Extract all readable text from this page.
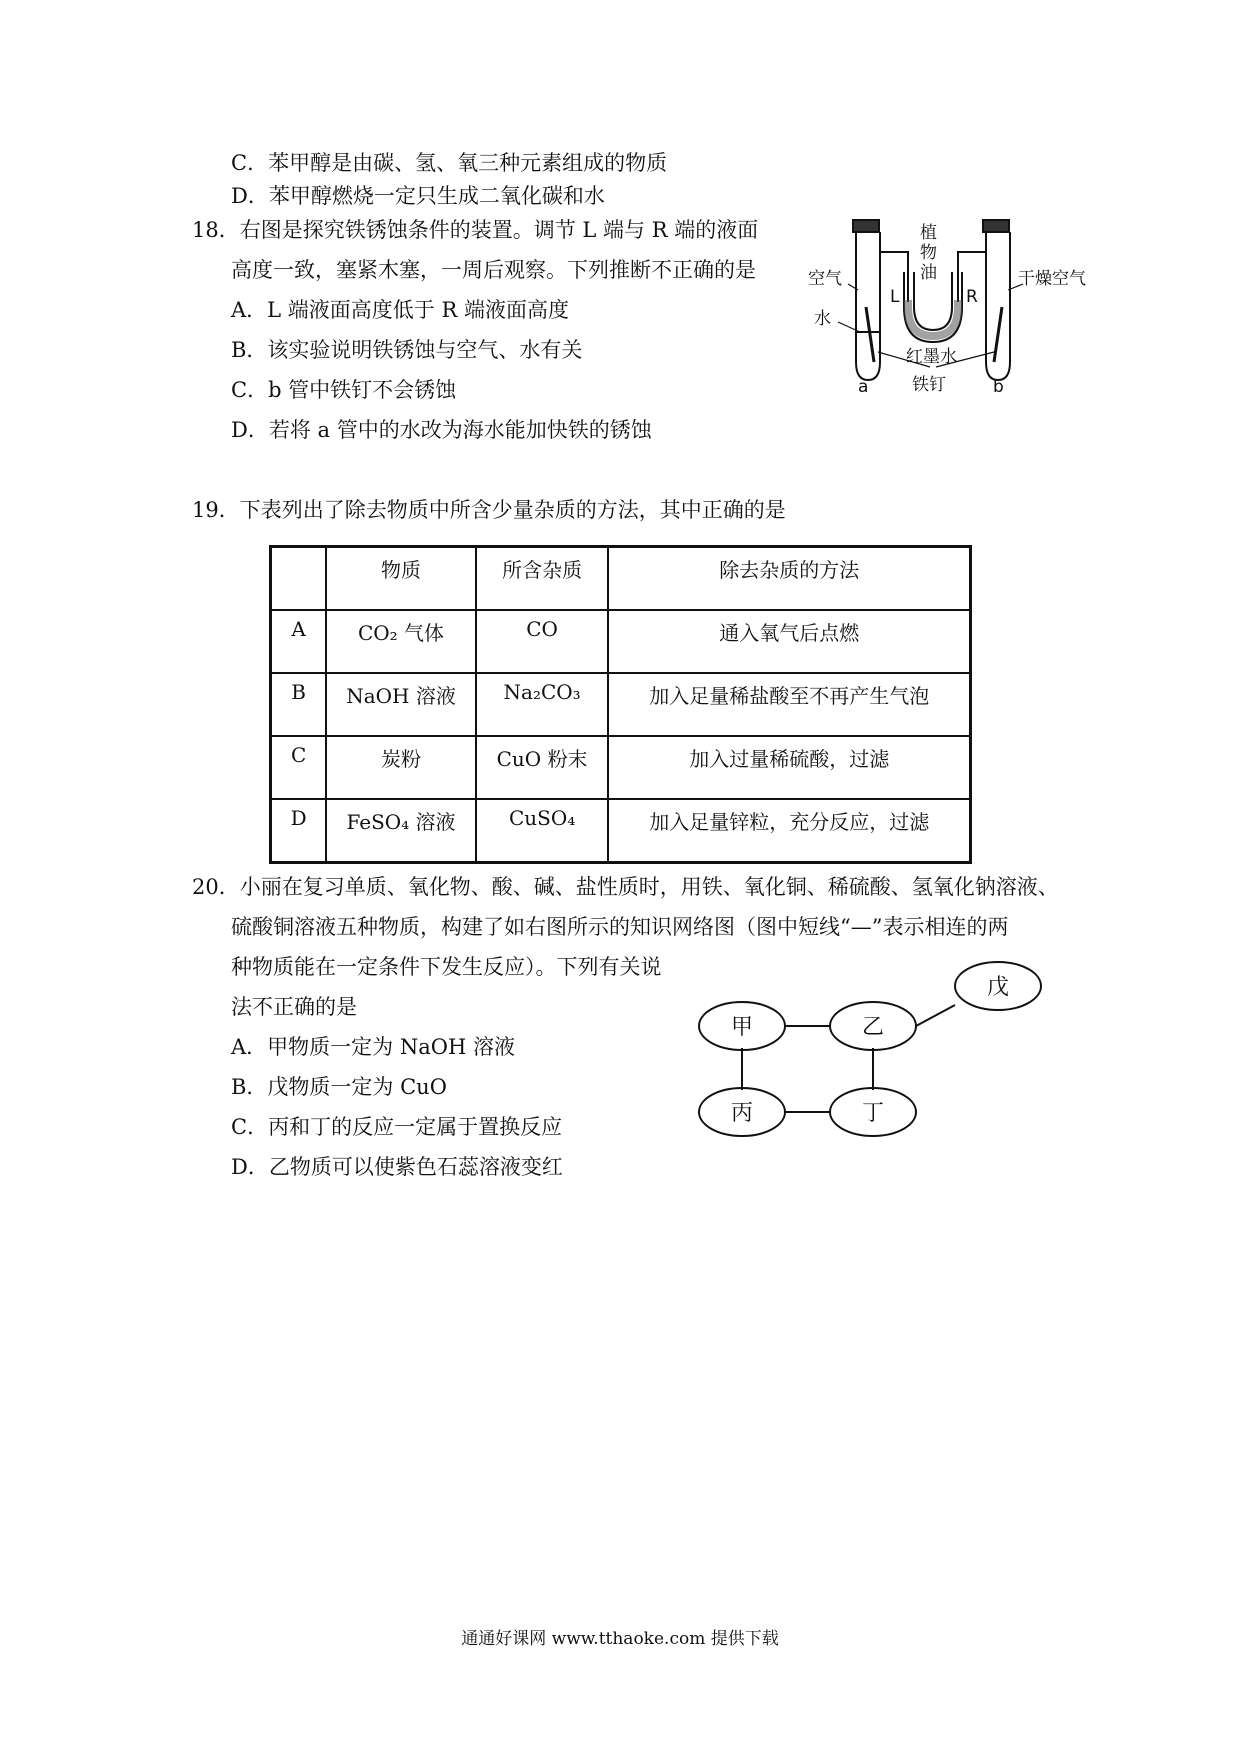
C．苯甲醇是由碳、氢、氧三种元素组成的物质
D．苯甲醇燃烧一定只生成二氧化碳和水
18．右图是探究铁锈蚀条件的装置。调节 L 端与 R 端的液面
高度一致，塞紧木塞，一周后观察。下列推断不正确的是
A．L 端液面高度低于 R 端液面高度
B．该实验说明铁锈蚀与空气、水有关
C．b 管中铁钉不会锈蚀
D．若将 a 管中的水改为海水能加快铁的锈蚀
植
物
油
空气	干燥空气
水
L	R
红墨水
铁钉
a	b
19．下表列出了除去物质中所含少量杂质的方法，其中正确的是
	物质	所含杂质	除去杂质的方法
A	CO₂ 气体	CO	通入氧气后点燃
B	NaOH 溶液	Na₂CO₃	加入足量稀盐酸至不再产生气泡
C	炭粉	CuO 粉末	加入过量稀硫酸，过滤
D	FeSO₄ 溶液	CuSO₄	加入足量锌粒，充分反应，过滤
20．小丽在复习单质、氧化物、酸、碱、盐性质时，用铁、氧化铜、稀硫酸、氢氧化钠溶液、
硫酸铜溶液五种物质，构建了如右图所示的知识网络图（图中短线“—”表示相连的两
种物质能在一定条件下发生反应）。下列有关说
法不正确的是
A．甲物质一定为 NaOH 溶液
B．戊物质一定为 CuO
C．丙和丁的反应一定属于置换反应
D．乙物质可以使紫色石蕊溶液变红
甲	乙
戊
丙	丁
通通好课网 www.tthaoke.com 提供下载
